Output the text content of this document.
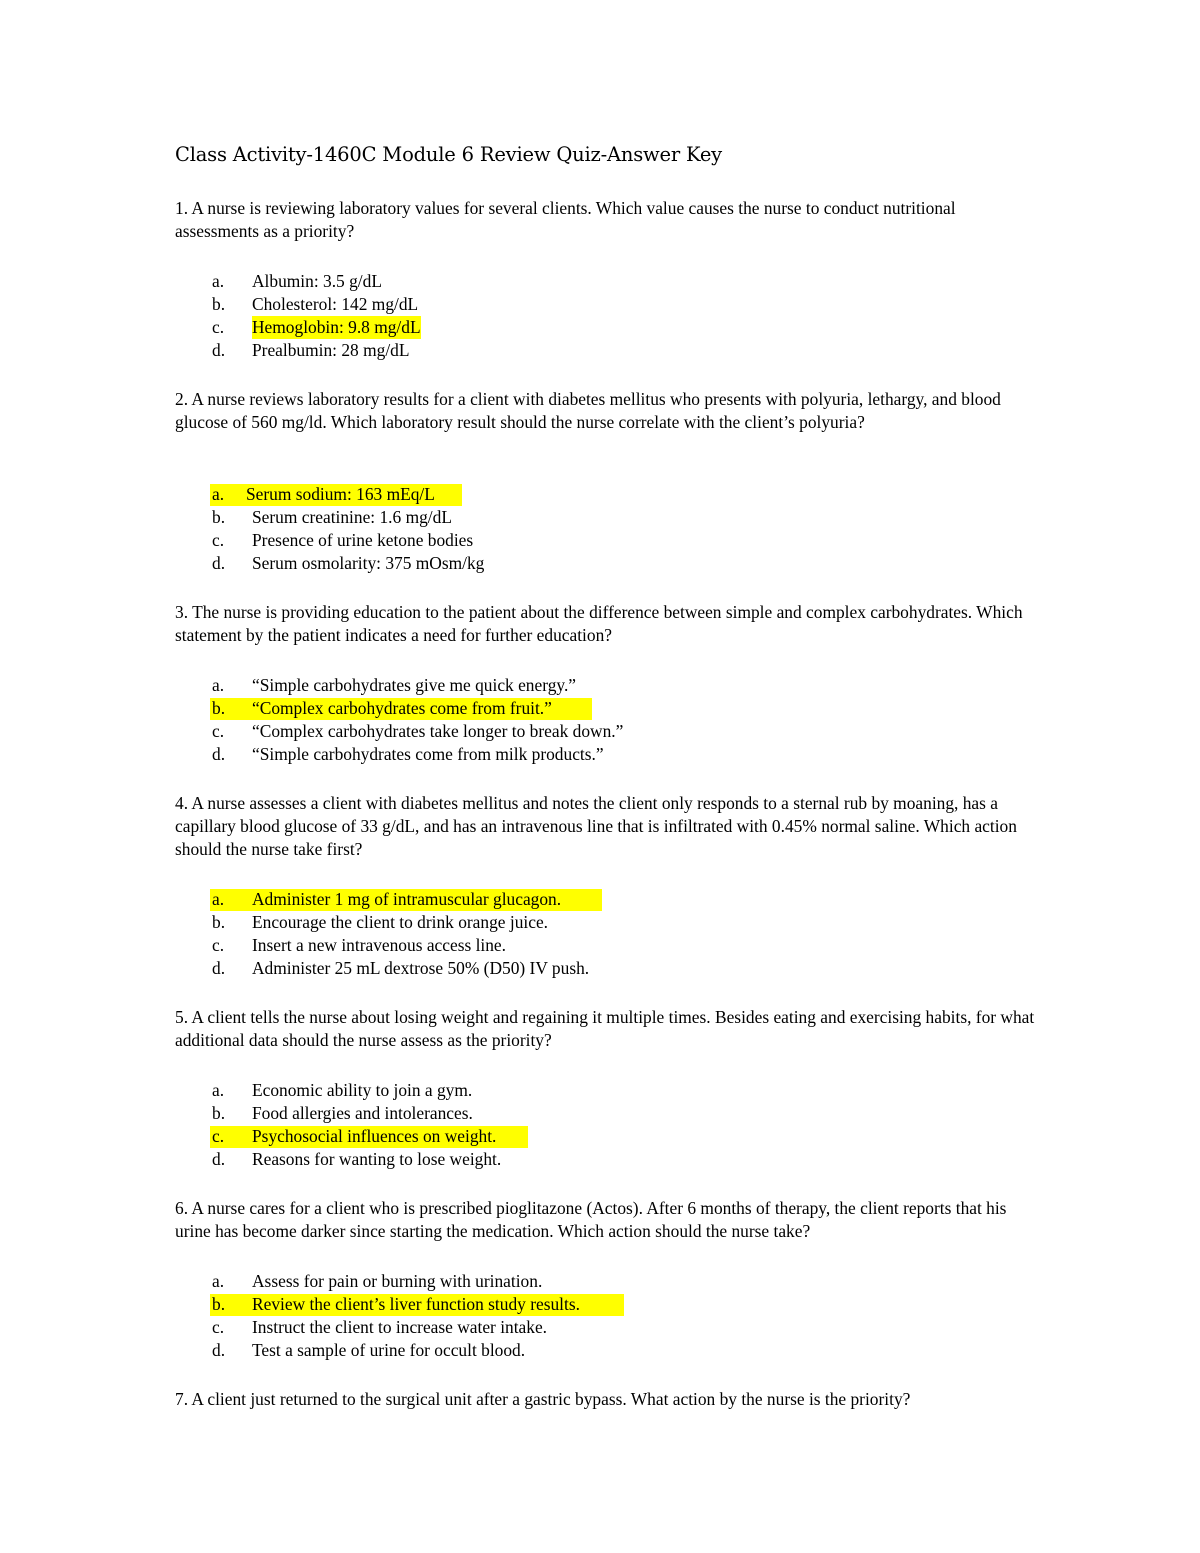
Class Activity-1460C Module 6 Review Quiz-Answer Key
1. A nurse is reviewing laboratory values for several clients. Which value causes the nurse to conduct nutritional assessments as a priority?
a. Albumin: 3.5 g/dL
b. Cholesterol: 142 mg/dL
c. Hemoglobin: 9.8 mg/dL
d. Prealbumin: 28 mg/dL
2. A nurse reviews laboratory results for a client with diabetes mellitus who presents with polyuria, lethargy, and blood glucose of 560 mg/ld. Which laboratory result should the nurse correlate with the client’s polyuria?
a. Serum sodium: 163 mEq/L
b. Serum creatinine: 1.6 mg/dL
c. Presence of urine ketone bodies
d. Serum osmolarity: 375 mOsm/kg
3. The nurse is providing education to the patient about the difference between simple and complex carbohydrates. Which statement by the patient indicates a need for further education?
a. “Simple carbohydrates give me quick energy.”
b. “Complex carbohydrates come from fruit.”
c. “Complex carbohydrates take longer to break down.”
d. “Simple carbohydrates come from milk products.”
4. A nurse assesses a client with diabetes mellitus and notes the client only responds to a sternal rub by moaning, has a capillary blood glucose of 33 g/dL, and has an intravenous line that is infiltrated with 0.45% normal saline. Which action should the nurse take first?
a. Administer 1 mg of intramuscular glucagon.
b. Encourage the client to drink orange juice.
c. Insert a new intravenous access line.
d. Administer 25 mL dextrose 50% (D50) IV push.
5. A client tells the nurse about losing weight and regaining it multiple times. Besides eating and exercising habits, for what additional data should the nurse assess as the priority?
a. Economic ability to join a gym.
b. Food allergies and intolerances.
c. Psychosocial influences on weight.
d. Reasons for wanting to lose weight.
6. A nurse cares for a client who is prescribed pioglitazone (Actos). After 6 months of therapy, the client reports that his urine has become darker since starting the medication. Which action should the nurse take?
a. Assess for pain or burning with urination.
b. Review the client’s liver function study results.
c. Instruct the client to increase water intake.
d. Test a sample of urine for occult blood.
7. A client just returned to the surgical unit after a gastric bypass. What action by the nurse is the priority?
